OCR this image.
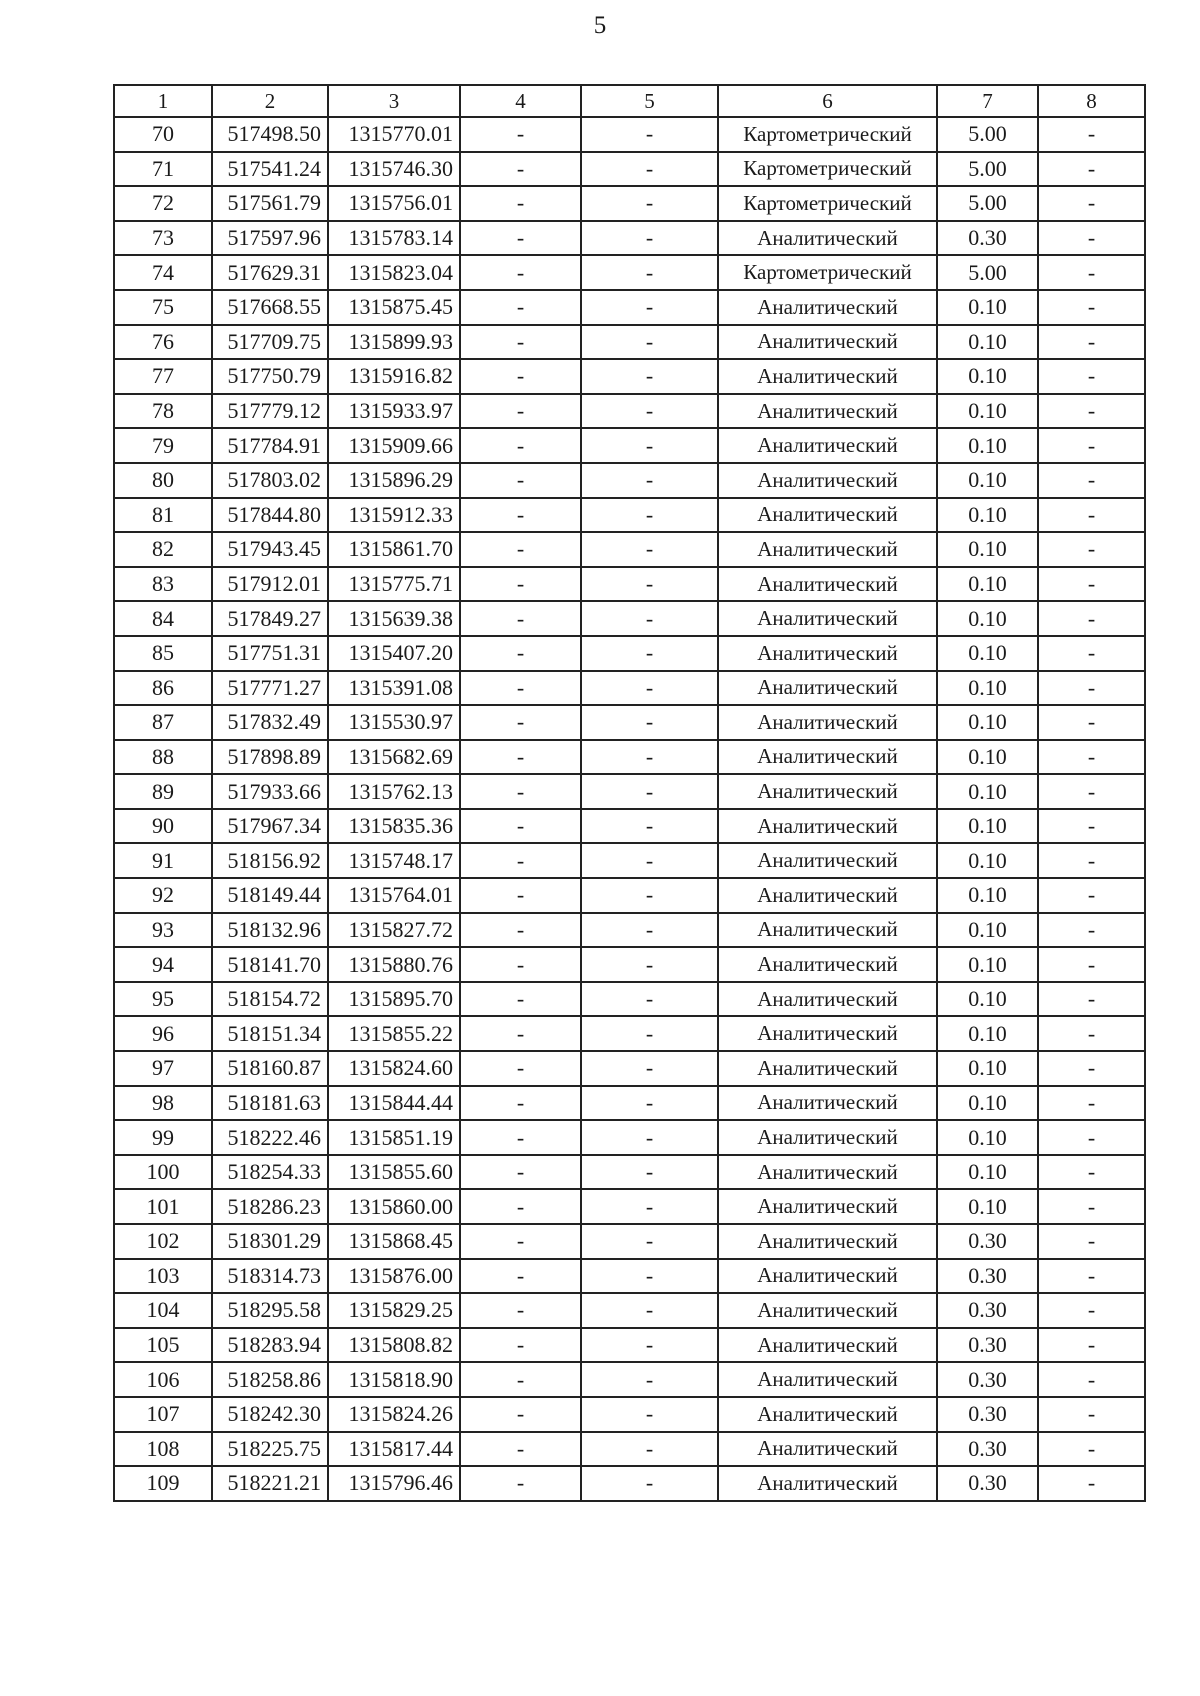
5
1	2	3	4	5	6	7	8
70	517498.50	1315770.01	-	-	Картометрический	5.00	-
71	517541.24	1315746.30	-	-	Картометрический	5.00	-
72	517561.79	1315756.01	-	-	Картометрический	5.00	-
73	517597.96	1315783.14	-	-	Аналитический	0.30	-
74	517629.31	1315823.04	-	-	Картометрический	5.00	-
75	517668.55	1315875.45	-	-	Аналитический	0.10	-
76	517709.75	1315899.93	-	-	Аналитический	0.10	-
77	517750.79	1315916.82	-	-	Аналитический	0.10	-
78	517779.12	1315933.97	-	-	Аналитический	0.10	-
79	517784.91	1315909.66	-	-	Аналитический	0.10	-
80	517803.02	1315896.29	-	-	Аналитический	0.10	-
81	517844.80	1315912.33	-	-	Аналитический	0.10	-
82	517943.45	1315861.70	-	-	Аналитический	0.10	-
83	517912.01	1315775.71	-	-	Аналитический	0.10	-
84	517849.27	1315639.38	-	-	Аналитический	0.10	-
85	517751.31	1315407.20	-	-	Аналитический	0.10	-
86	517771.27	1315391.08	-	-	Аналитический	0.10	-
87	517832.49	1315530.97	-	-	Аналитический	0.10	-
88	517898.89	1315682.69	-	-	Аналитический	0.10	-
89	517933.66	1315762.13	-	-	Аналитический	0.10	-
90	517967.34	1315835.36	-	-	Аналитический	0.10	-
91	518156.92	1315748.17	-	-	Аналитический	0.10	-
92	518149.44	1315764.01	-	-	Аналитический	0.10	-
93	518132.96	1315827.72	-	-	Аналитический	0.10	-
94	518141.70	1315880.76	-	-	Аналитический	0.10	-
95	518154.72	1315895.70	-	-	Аналитический	0.10	-
96	518151.34	1315855.22	-	-	Аналитический	0.10	-
97	518160.87	1315824.60	-	-	Аналитический	0.10	-
98	518181.63	1315844.44	-	-	Аналитический	0.10	-
99	518222.46	1315851.19	-	-	Аналитический	0.10	-
100	518254.33	1315855.60	-	-	Аналитический	0.10	-
101	518286.23	1315860.00	-	-	Аналитический	0.10	-
102	518301.29	1315868.45	-	-	Аналитический	0.30	-
103	518314.73	1315876.00	-	-	Аналитический	0.30	-
104	518295.58	1315829.25	-	-	Аналитический	0.30	-
105	518283.94	1315808.82	-	-	Аналитический	0.30	-
106	518258.86	1315818.90	-	-	Аналитический	0.30	-
107	518242.30	1315824.26	-	-	Аналитический	0.30	-
108	518225.75	1315817.44	-	-	Аналитический	0.30	-
109	518221.21	1315796.46	-	-	Аналитический	0.30	-
